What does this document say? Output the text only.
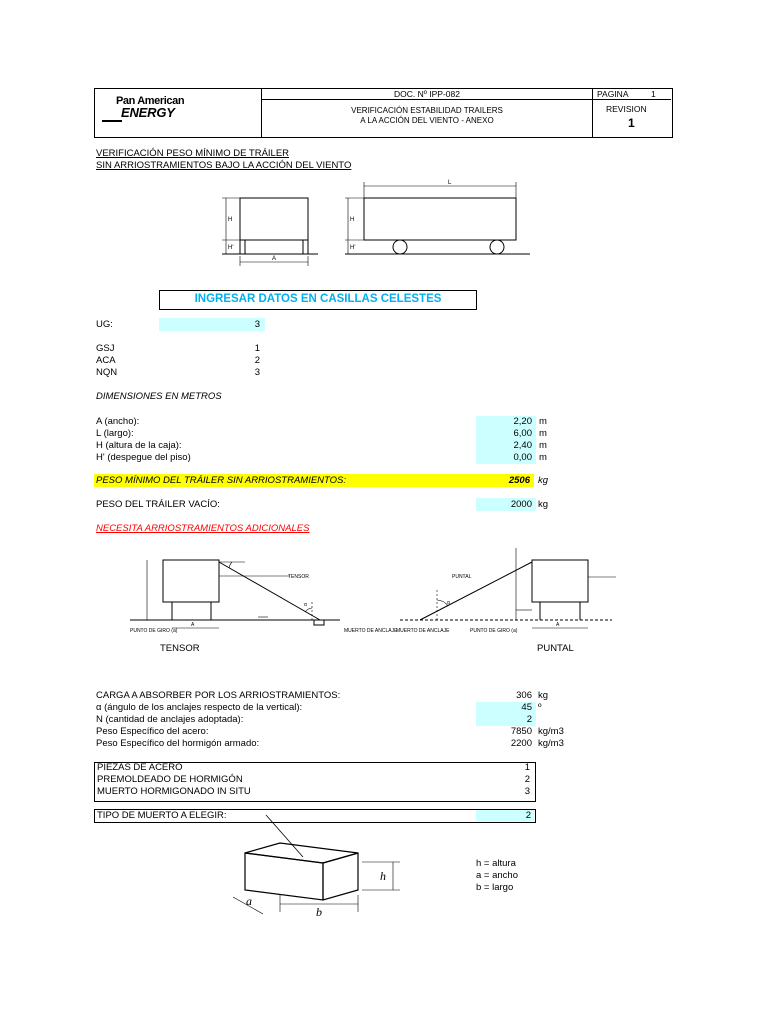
Pan American
ENERGY
DOC. Nº IPP-082
VERIFICACIÓN ESTABILIDAD TRAILERS
A LA ACCIÓN DEL VIENTO - ANEXO
PAGINA	1
REVISION
1
VERIFICACIÓN PESO MÍNIMO DE TRÁILER
SIN ARRIOSTRAMIENTOS BAJO LA ACCIÓN DEL VIENTO
H
H'
A
H
H'
L
INGRESAR DATOS EN CASILLAS CELESTES
UG:	3
GSJ	1
ACA	2
NQN	3
DIMENSIONES EN METROS
A (ancho):	2,20 m
L (largo):	6,00 m
H (altura de la caja):	2,40 m
H' (despegue del piso)	0,00 m
PESO MÍNIMO DEL TRÁILER SIN ARRIOSTRAMIENTOS:	2506 kg
PESO DEL TRÁILER VACÍO:	2000 kg
NECESITA ARRIOSTRAMIENTOS ADICIONALES
TENSOR
PUNTO DE GIRO (a)	MUERTO DE ANCLAJE
A
α
PUNTAL
PUNTO DE GIRO (a)
MUERTO DE ANCLAJE
A
α
TENSOR	PUNTAL
CARGA A ABSORBER POR LOS ARRIOSTRAMIENTOS:	306 kg
α (ángulo de los anclajes respecto de la vertical):	45 º
N (cantidad de anclajes adoptada):	2
Peso Específico del acero:	7850 kg/m3
Peso Específico del hormigón armado:	2200 kg/m3
PIEZAS DE ACERO	1
PREMOLDEADO DE HORMIGÓN	2
MUERTO HORMIGONADO IN SITU	3
TIPO DE MUERTO A ELEGIR:	2
h
a
b
h = altura
a = ancho
b = largo
